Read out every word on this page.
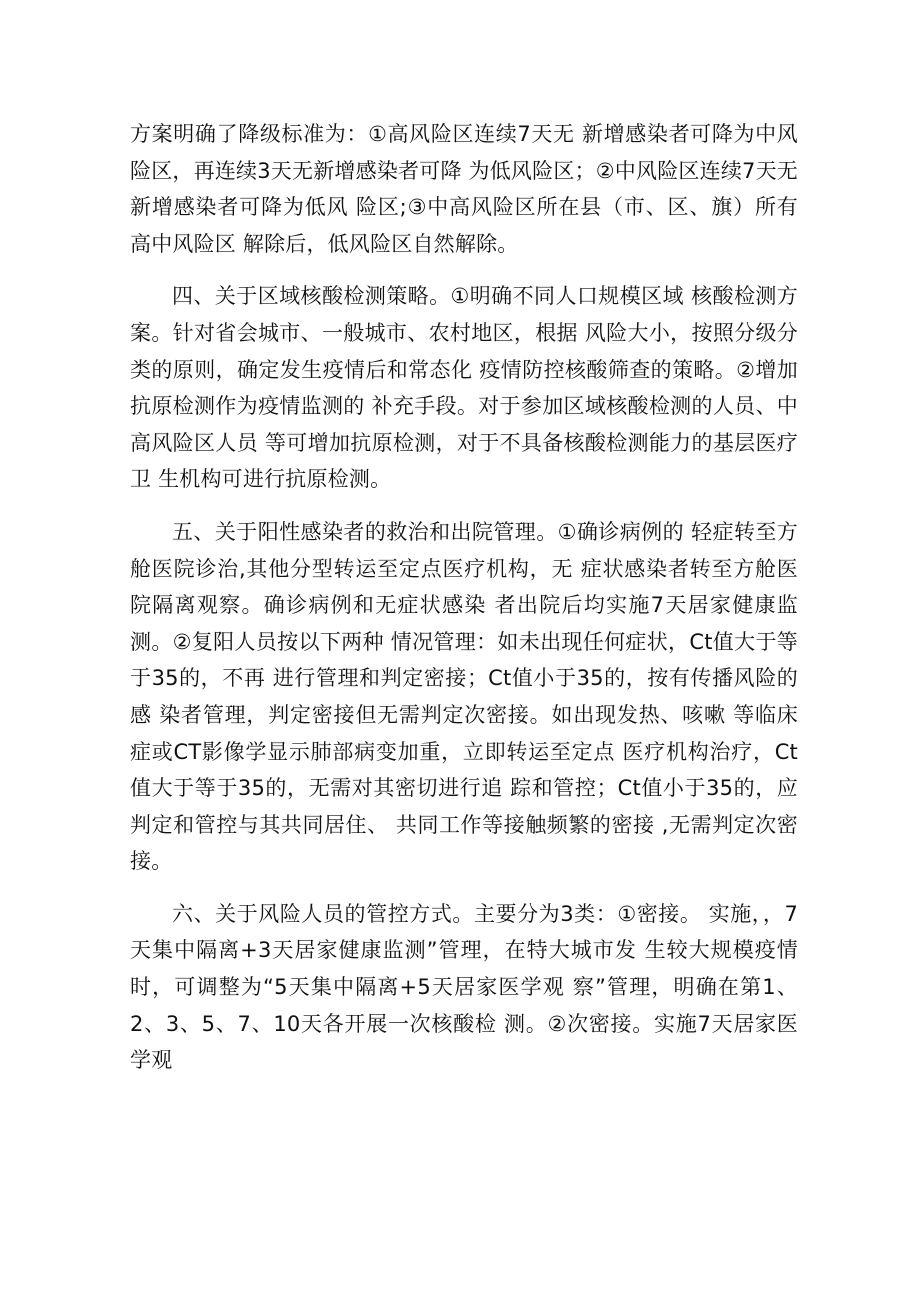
方案明确了降级标准为：①高风险区连续7天无 新增感染者可降为中风险区，再连续3天无新增感染者可降 为低风险区；②中风险区连续7天无新增感染者可降为低风 险区;③中高风险区所在县（市、区、旗）所有高中风险区 解除后，低风险区自然解除。

四、关于区域核酸检测策略。①明确不同人口规模区域 核酸检测方案。针对省会城市、一般城市、农村地区，根据 风险大小，按照分级分类的原则，确定发生疫情后和常态化 疫情防控核酸筛查的策略。②增加抗原检测作为疫情监测的 补充手段。对于参加区域核酸检测的人员、中高风险区人员 等可增加抗原检测，对于不具备核酸检测能力的基层医疗卫 生机构可进行抗原检测。

五、关于阳性感染者的救治和出院管理。①确诊病例的 轻症转至方舱医院诊治,其他分型转运至定点医疗机构，无 症状感染者转至方舱医院隔离观察。确诊病例和无症状感染 者出院后均实施7天居家健康监测。②复阳人员按以下两种 情况管理：如未出现任何症状，Ct值大于等于35的，不再 进行管理和判定密接；Ct值小于35的，按有传播风险的感 染者管理，判定密接但无需判定次密接。如出现发热、咳嗽 等临床症或CT影像学显示肺部病变加重，立即转运至定点 医疗机构治疗，Ct值大于等于35的，无需对其密切进行追 踪和管控；Ct值小于35的，应判定和管控与其共同居住、 共同工作等接触频繁的密接 ,无需判定次密接。

六、关于风险人员的管控方式。主要分为3类：①密接。 实施，，7天集中隔离+3天居家健康监测”管理，在特大城市发 生较大规模疫情时，可调整为“5天集中隔离+5天居家医学观 察”管理，明确在第1、2、3、5、7、10天各开展一次核酸检 测。②次密接。实施7天居家医学观
